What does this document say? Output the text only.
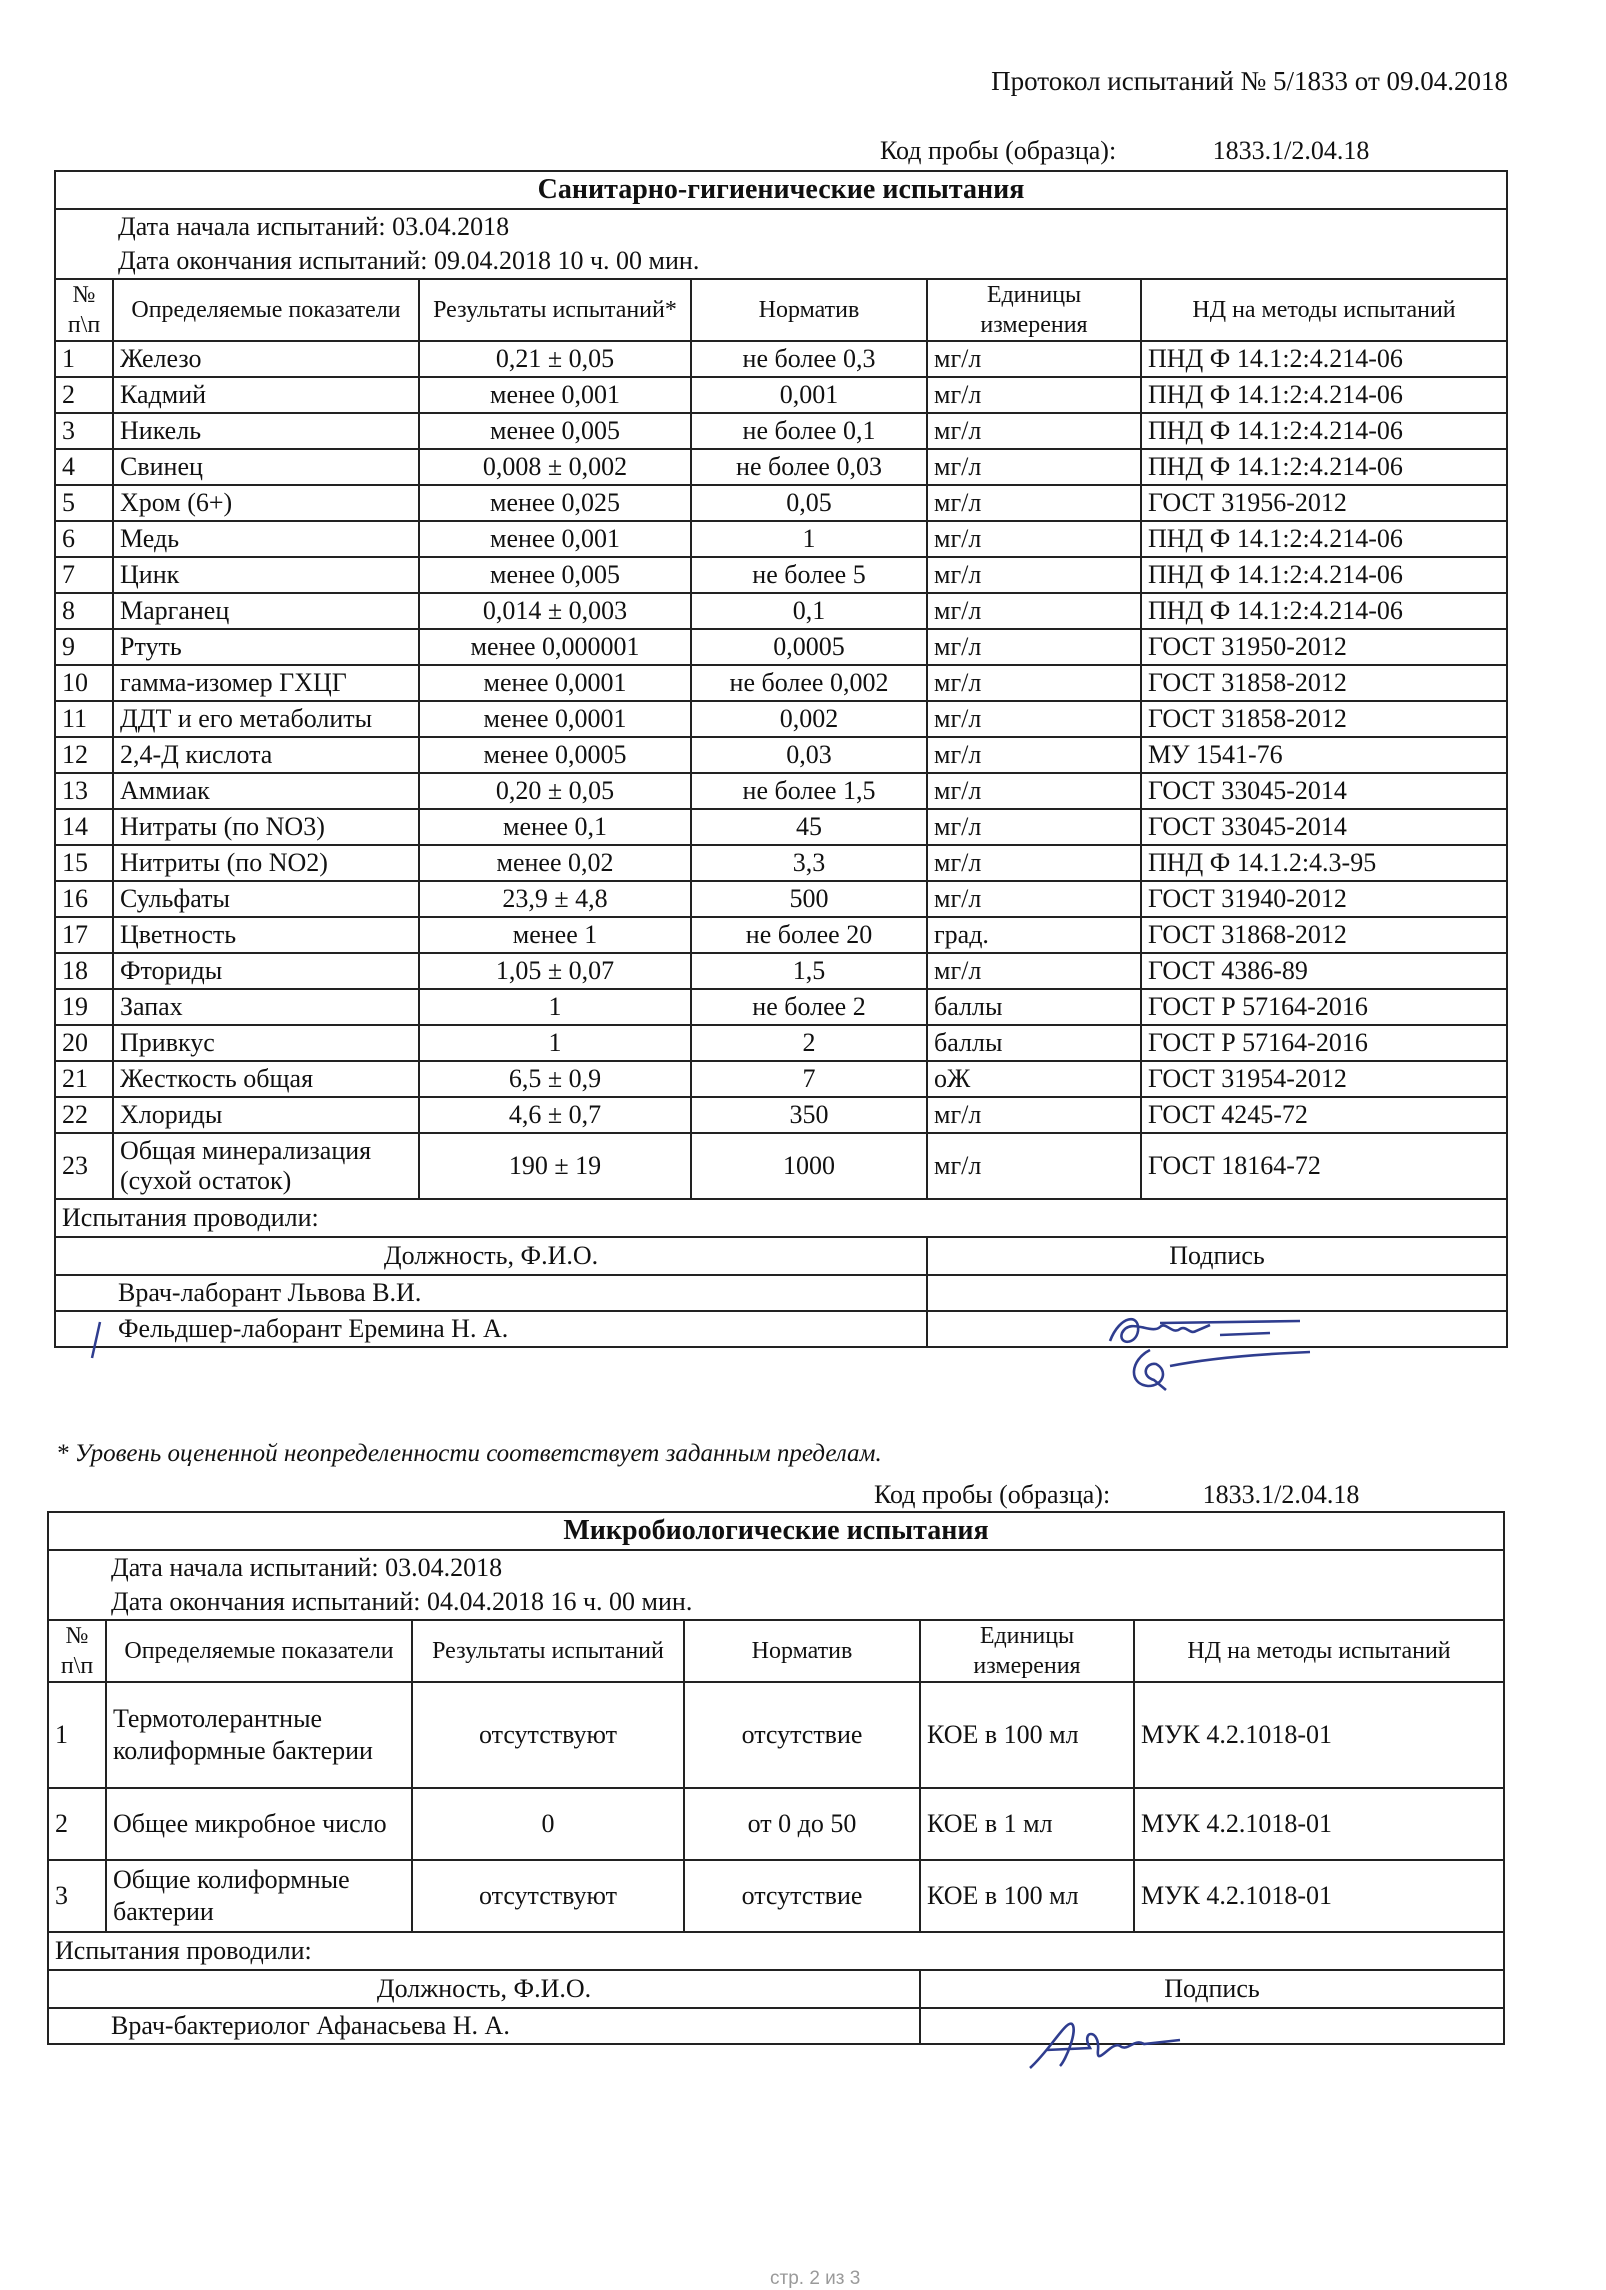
Протокол испытаний № 5/1833 от 09.04.2018
Код пробы (образца):	1833.1/2.04.18
Санитарно-гигиенические испытания					
Дата начала испытаний: 03.04.2018					
Дата окончания испытаний: 09.04.2018 10 ч. 00 мин.					
№ п\п	Определяемые показатели	Результаты испытаний*	Норматив	Единицы измерения	НД на методы испытаний
1	Железо	0,21 ± 0,05	не более 0,3	мг/л	ПНД Ф 14.1:2:4.214-06
2	Кадмий	менее 0,001	0,001	мг/л	ПНД Ф 14.1:2:4.214-06
3	Никель	менее 0,005	не более 0,1	мг/л	ПНД Ф 14.1:2:4.214-06
4	Свинец	0,008 ± 0,002	не более 0,03	мг/л	ПНД Ф 14.1:2:4.214-06
5	Хром (6+)	менее 0,025	0,05	мг/л	ГОСТ 31956-2012
6	Медь	менее 0,001	1	мг/л	ПНД Ф 14.1:2:4.214-06
7	Цинк	менее 0,005	не более 5	мг/л	ПНД Ф 14.1:2:4.214-06
8	Марганец	0,014 ± 0,003	0,1	мг/л	ПНД Ф 14.1:2:4.214-06
9	Ртуть	менее 0,000001	0,0005	мг/л	ГОСТ 31950-2012
10	гамма-изомер ГХЦГ	менее 0,0001	не более 0,002	мг/л	ГОСТ 31858-2012
11	ДДТ и его метаболиты	менее 0,0001	0,002	мг/л	ГОСТ 31858-2012
12	2,4-Д кислота	менее 0,0005	0,03	мг/л	МУ 1541-76
13	Аммиак	0,20 ± 0,05	не более 1,5	мг/л	ГОСТ 33045-2014
14	Нитраты (по NO3)	менее 0,1	45	мг/л	ГОСТ 33045-2014
15	Нитриты (по NO2)	менее 0,02	3,3	мг/л	ПНД Ф 14.1.2:4.3-95
16	Сульфаты	23,9 ± 4,8	500	мг/л	ГОСТ 31940-2012
17	Цветность	менее 1	не более 20	град.	ГОСТ 31868-2012
18	Фториды	1,05 ± 0,07	1,5	мг/л	ГОСТ 4386-89
19	Запах	1	не более 2	баллы	ГОСТ Р 57164-2016
20	Привкус	1	2	баллы	ГОСТ Р 57164-2016
21	Жесткость общая	6,5 ± 0,9	7	оЖ	ГОСТ 31954-2012
22	Хлориды	4,6 ± 0,7	350	мг/л	ГОСТ 4245-72
23	Общая минерализация (сухой остаток)	190 ± 19	1000	мг/л	ГОСТ 18164-72
Испытания проводили:					
Должность, Ф.И.О.				Подпись	
Врач-лаборант Львова В.И.					
Фельдшер-лаборант Еремина Н. А.					
* Уровень оцененной неопределенности соответствует заданным пределам.
Код пробы (образца):	1833.1/2.04.18
Микробиологические испытания					
Дата начала испытаний: 03.04.2018					
Дата окончания испытаний: 04.04.2018 16 ч. 00 мин.					
№ п\п	Определяемые показатели	Результаты испытаний	Норматив	Единицы измерения	НД на методы испытаний
1	Термотолерантные колиформные бактерии	отсутствуют	отсутствие	КОЕ в 100 мл	МУК 4.2.1018-01
2	Общее микробное число	0	от 0 до 50	КОЕ в 1 мл	МУК 4.2.1018-01
3	Общие колиформные бактерии	отсутствуют	отсутствие	КОЕ в 100 мл	МУК 4.2.1018-01
Испытания проводили:					
Должность, Ф.И.О.				Подпись	
Врач-бактериолог Афанасьева Н. А.					
стр. 2 из 3
